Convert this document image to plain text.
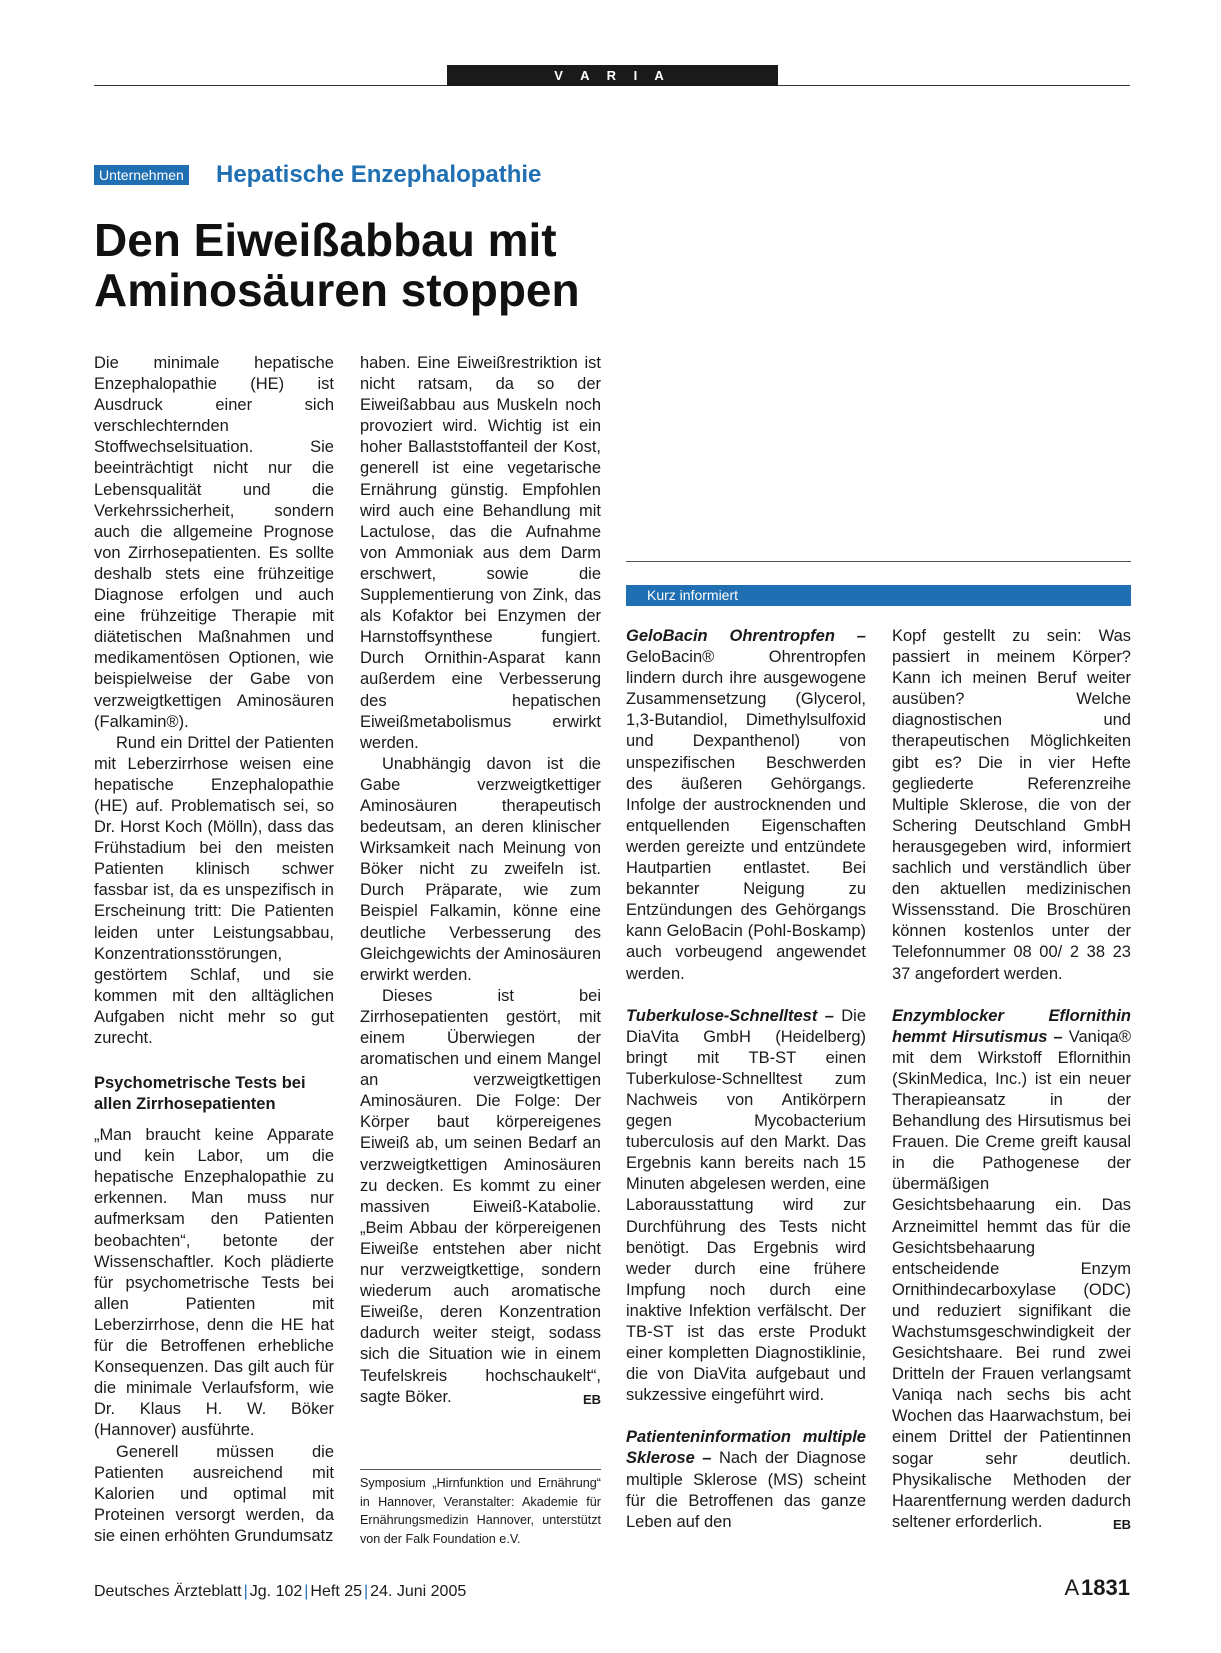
V A R I A
Unternehmen Hepatische Enzephalopathie
Den Eiweißabbau mit
Aminosäuren stoppen

Die minimale hepatische Enzephalopathie (HE) ist Ausdruck einer sich verschlechternden Stoffwechselsituation. Sie beeinträchtigt nicht nur die Lebensqualität und die Verkehrssicherheit, sondern auch die allgemeine Prognose von Zirrhosepatienten. Es sollte deshalb stets eine frühzeitige Diagnose erfolgen und auch eine frühzeitige Therapie mit diätetischen Maßnahmen und medikamentösen Optionen, wie beispielweise der Gabe von verzweigtkettigen Aminosäuren (Falkamin®).

Rund ein Drittel der Patienten mit Leberzirrhose weisen eine hepatische Enzephalopathie (HE) auf. Problematisch sei, so Dr. Horst Koch (Mölln), dass das Frühstadium bei den meisten Patienten klinisch schwer fassbar ist, da es unspezifisch in Erscheinung tritt: Die Patienten leiden unter Leistungsabbau, Konzentrationsstörungen, gestörtem Schlaf, und sie kommen mit den alltäglichen Aufgaben nicht mehr so gut zurecht.

Psychometrische Tests bei allen Zirrhosepatienten

„Man braucht keine Apparate und kein Labor, um die hepatische Enzephalopathie zu erkennen. Man muss nur aufmerksam den Patienten beobachten“, betonte der Wissenschaftler. Koch plädierte für psychometrische Tests bei allen Patienten mit Leberzirrhose, denn die HE hat für die Betroffenen erhebliche Konsequenzen. Das gilt auch für die minimale Verlaufsform, wie Dr. Klaus H. W. Böker (Hannover) ausführte.

Generell müssen die Patienten ausreichend mit Kalorien und optimal mit Proteinen versorgt werden, da sie einen erhöhten Grundumsatz

haben. Eine Eiweißrestriktion ist nicht ratsam, da so der Eiweißabbau aus Muskeln noch provoziert wird. Wichtig ist ein hoher Ballaststoffanteil der Kost, generell ist eine vegetarische Ernährung günstig. Empfohlen wird auch eine Behandlung mit Lactulose, das die Aufnahme von Ammoniak aus dem Darm erschwert, sowie die Supplementierung von Zink, das als Kofaktor bei Enzymen der Harnstoffsynthese fungiert. Durch Ornithin-Asparat kann außerdem eine Verbesserung des hepatischen Eiweißmetabolismus erwirkt werden.

Unabhängig davon ist die Gabe verzweigtkettiger Aminosäuren therapeutisch bedeutsam, an deren klinischer Wirksamkeit nach Meinung von Böker nicht zu zweifeln ist. Durch Präparate, wie zum Beispiel Falkamin, könne eine deutliche Verbesserung des Gleichgewichts der Aminosäuren erwirkt werden.

Dieses ist bei Zirrhosepatienten gestört, mit einem Überwiegen der aromatischen und einem Mangel an verzweigtkettigen Aminosäuren. Die Folge: Der Körper baut körpereigenes Eiweiß ab, um seinen Bedarf an verzweigtkettigen Aminosäuren zu decken. Es kommt zu einer massiven Eiweiß-Katabolie. „Beim Abbau der körpereigenen Eiweiße entstehen aber nicht nur verzweigtkettige, sondern wiederum auch aromatische Eiweiße, deren Konzentration dadurch weiter steigt, sodass sich die Situation wie in einem Teufelskreis hochschaukelt“, sagte Böker.	EB
Symposium „Hirnfunktion und Ernährung“ in Hannover, Veranstalter: Akademie für Ernährungsmedizin Hannover, unterstützt von der Falk Foundation e.V.
Kurz informiert

GeloBacin Ohrentropfen – GeloBacin® Ohrentropfen lindern durch ihre ausgewogene Zusammensetzung (Glycerol, 1,3-Butandiol, Dimethylsulfoxid und Dexpanthenol) von unspezifischen Beschwerden des äußeren Gehörgangs. Infolge der austrocknenden und entquellenden Eigenschaften werden gereizte und entzündete Hautpartien entlastet. Bei bekannter Neigung zu Entzündungen des Gehörgangs kann GeloBacin (Pohl-Boskamp) auch vorbeugend angewendet werden.

Tuberkulose-Schnelltest – Die DiaVita GmbH (Heidelberg) bringt mit TB-ST einen Tuberkulose-Schnelltest zum Nachweis von Antikörpern gegen Mycobacterium tuberculosis auf den Markt. Das Ergebnis kann bereits nach 15 Minuten abgelesen werden, eine Laborausstattung wird zur Durchführung des Tests nicht benötigt. Das Ergebnis wird weder durch eine frühere Impfung noch durch eine inaktive Infektion verfälscht. Der TB-ST ist das erste Produkt einer kompletten Diagnostiklinie, die von DiaVita aufgebaut und sukzessive eingeführt wird.

Patienteninformation multiple Sklerose – Nach der Diagnose multiple Sklerose (MS) scheint für die Betroffenen das ganze Leben auf den

Kopf gestellt zu sein: Was passiert in meinem Körper? Kann ich meinen Beruf weiter ausüben? Welche diagnostischen und therapeutischen Möglichkeiten gibt es? Die in vier Hefte gegliederte Referenzreihe Multiple Sklerose, die von der Schering Deutschland GmbH herausgegeben wird, informiert sachlich und verständlich über den aktuellen medizinischen Wissensstand. Die Broschüren können kostenlos unter der Telefonnummer 08 00/ 2 38 23 37 angefordert werden.

Enzymblocker Eflornithin hemmt Hirsutismus – Vaniqa® mit dem Wirkstoff Eflornithin (SkinMedica, Inc.) ist ein neuer Therapieansatz in der Behandlung des Hirsutismus bei Frauen. Die Creme greift kausal in die Pathogenese der übermäßigen Gesichtsbehaarung ein. Das Arzneimittel hemmt das für die Gesichtsbehaarung entscheidende Enzym Ornithindecarboxylase (ODC) und reduziert signifikant die Wachstumsgeschwindigkeit der Gesichtshaare. Bei rund zwei Dritteln der Frauen verlangsamt Vaniqa nach sechs bis acht Wochen das Haarwachstum, bei einem Drittel der Patientinnen sogar sehr deutlich. Physikalische Methoden der Haarentfernung werden dadurch seltener erforderlich.	EB
Deutsches Ärzteblatt | Jg. 102 | Heft 25 | 24. Juni 2005	A 1831
